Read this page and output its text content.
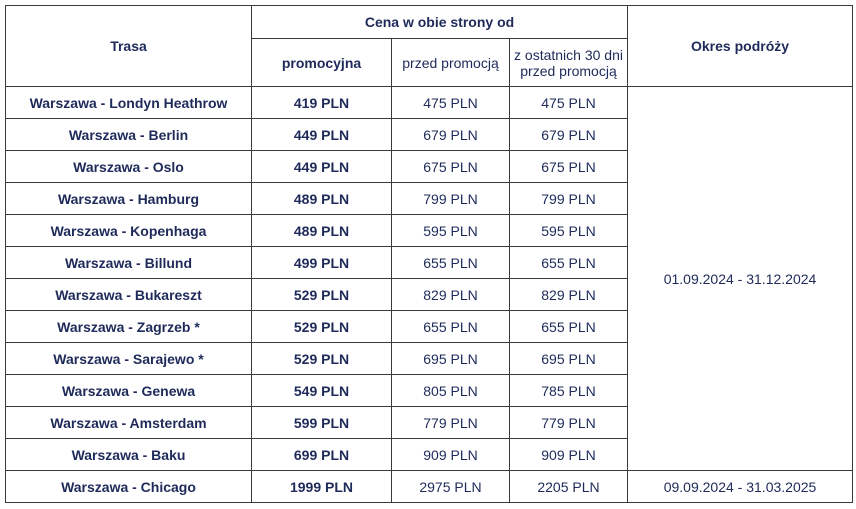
Trasa	Cena w obie strony od			Okres podróży
	promocyjna	przed promocją	z ostatnich 30 dni
przed promocją	
Warszawa - Londyn Heathrow	419 PLN	475 PLN	475 PLN	01.09.2024 - 31.12.2024
Warszawa - Berlin	449 PLN	679 PLN	679 PLN	
Warszawa - Oslo	449 PLN	675 PLN	675 PLN	
Warszawa - Hamburg	489 PLN	799 PLN	799 PLN	
Warszawa - Kopenhaga	489 PLN	595 PLN	595 PLN	
Warszawa - Billund	499 PLN	655 PLN	655 PLN	
Warszawa - Bukareszt	529 PLN	829 PLN	829 PLN	
Warszawa - Zagrzeb *	529 PLN	655 PLN	655 PLN	
Warszawa - Sarajewo *	529 PLN	695 PLN	695 PLN	
Warszawa - Genewa	549 PLN	805 PLN	785 PLN	
Warszawa - Amsterdam	599 PLN	779 PLN	779 PLN	
Warszawa - Baku	699 PLN	909 PLN	909 PLN	
Warszawa - Chicago	1999 PLN	2975 PLN	2205 PLN	09.09.2024 - 31.03.2025
